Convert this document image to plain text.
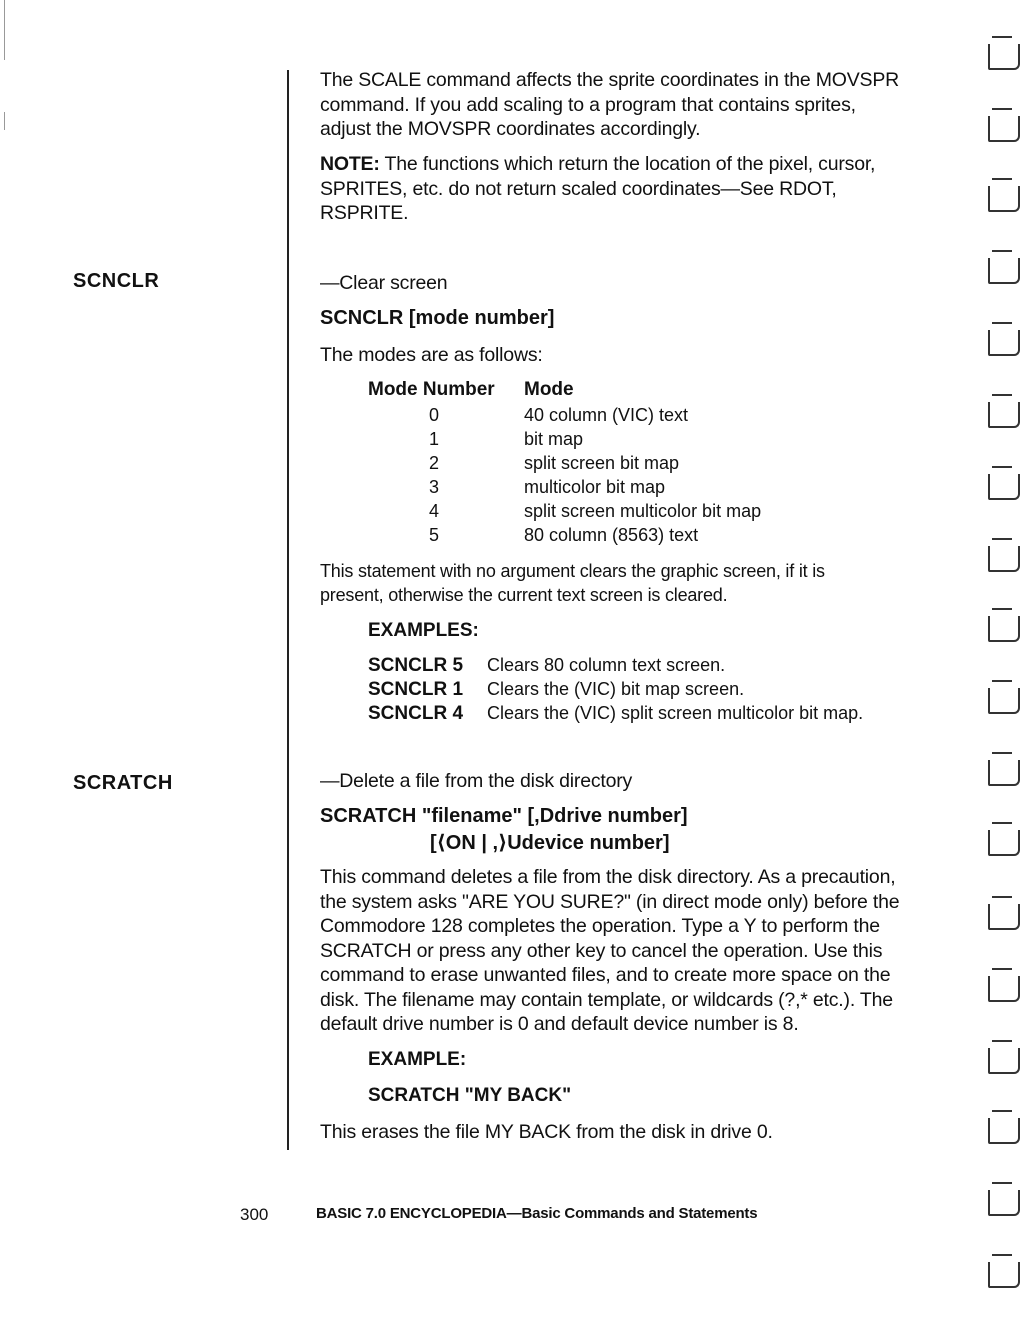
The SCALE command affects the sprite coordinates in the MOVSPR
command. If you add scaling to a program that contains sprites,
adjust the MOVSPR coordinates accordingly.
NOTE: The functions which return the location of the pixel, cursor,
SPRITES, etc. do not return scaled coordinates—See RDOT,
RSPRITE.
SCNCLR	—Clear screen
SCNCLR [mode number]
The modes are as follows:
Mode Number Mode
0	40 column (VIC) text
1	bit map
2	split screen bit map
3	multicolor bit map
4	split screen multicolor bit map
5	80 column (8563) text
This statement with no argument clears the graphic screen, if it is
present, otherwise the current text screen is cleared.
EXAMPLES:
SCNCLR 5 Clears 80 column text screen.
SCNCLR 1 Clears the (VIC) bit map screen.
SCNCLR 4 Clears the (VIC) split screen multicolor bit map.
SCRATCH	—Delete a file from the disk directory
SCRATCH "filename" [,Ddrive number]
[⟨ON | ,⟩Udevice number]
This command deletes a file from the disk directory. As a precaution,
the system asks "ARE YOU SURE?" (in direct mode only) before the
Commodore 128 completes the operation. Type a Y to perform the
SCRATCH or press any other key to cancel the operation. Use this
command to erase unwanted files, and to create more space on the
disk. The filename may contain template, or wildcards (?,* etc.). The
default drive number is 0 and default device number is 8.
EXAMPLE:
SCRATCH "MY BACK"
This erases the file MY BACK from the disk in drive 0.
300	BASIC 7.0 ENCYCLOPEDIA—Basic Commands and Statements
